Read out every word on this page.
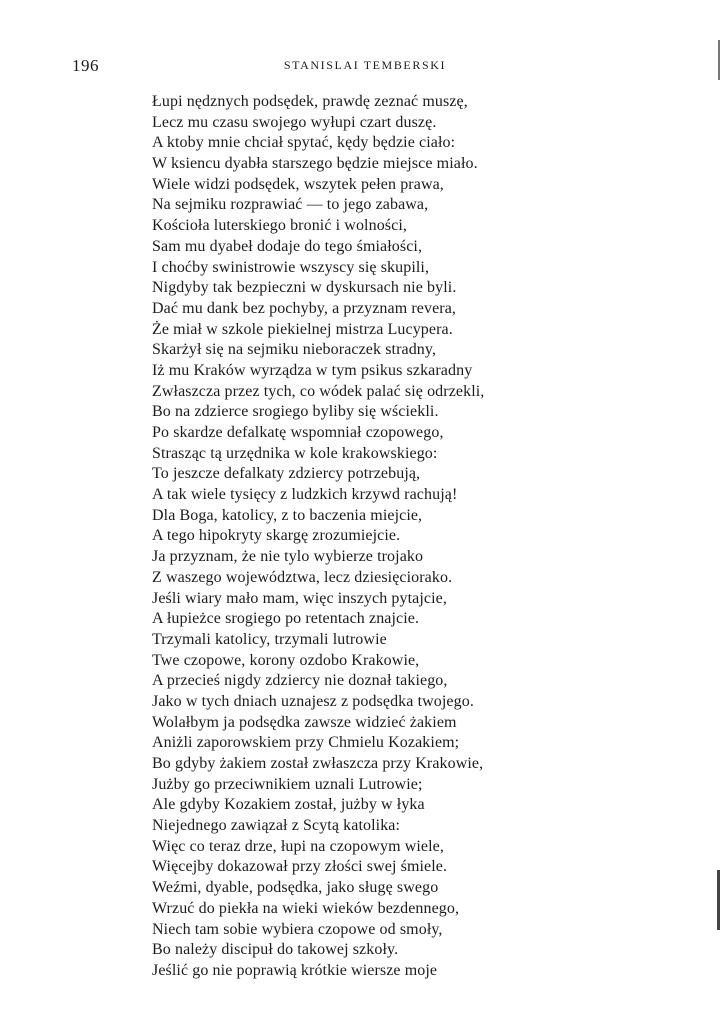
196	STANISLAI TEMBERSKI
Łupi nędznych podsędek, prawdę zeznać muszę,
Lecz mu czasu swojego wyłupi czart duszę.
A ktoby mnie chciał spytać, kędy będzie ciało:
W ksiencu dyabła starszego będzie miejsce miało.
Wiele widzi podsędek, wszytek pełen prawa,
Na sejmiku rozprawiać — to jego zabawa,
Kościoła luterskiego bronić i wolności,
Sam mu dyabeł dodaje do tego śmiałości,
I choćby swinistrowie wszyscy się skupili,
Nigdyby tak bezpieczni w dyskursach nie byli.
Dać mu dank bez pochyby, a przyznam revera,
Że miał w szkole piekielnej mistrza Lucypera.
Skarżył się na sejmiku nieboraczek stradny,
Iż mu Kraków wyrządza w tym psikus szkaradny
Zwłaszcza przez tych, co wódek palać się odrzekli,
Bo na zdzierce srogiego byliby się wściekli.
Po skardze defalkatę wspomniał czopowego,
Strasząc tą urzędnika w kole krakowskiego:
To jeszcze defalkaty zdziercy potrzebują,
A tak wiele tysięcy z ludzkich krzywd rachują!
Dla Boga, katolicy, z to baczenia miejcie,
A tego hipokryty skargę zrozumiejcie.
Ja przyznam, że nie tylo wybierze trojako
Z waszego województwa, lecz dziesięciorako.
Jeśli wiary mało mam, więc inszych pytajcie,
A łupieżce srogiego po retentach znajcie.
Trzymali katolicy, trzymali lutrowie
Twe czopowe, korony ozdobo Krakowie,
A przecieś nigdy zdziercy nie doznał takiego,
Jako w tych dniach uznajesz z podsędka twojego.
Wolałbym ja podsędka zawsze widzieć żakiem
Aniżli zaporowskiem przy Chmielu Kozakiem;
Bo gdyby żakiem został zwłaszcza przy Krakowie,
Jużby go przeciwnikiem uznali Lutrowie;
Ale gdyby Kozakiem został, jużby w łyka
Niejednego zawiązał z Scytą katolika:
Więc co teraz drze, łupi na czopowym wiele,
Więcejby dokazował przy złości swej śmiele.
Weźmi, dyable, podsędka, jako sługę swego
Wrzuć do piekła na wieki wieków bezdennego,
Niech tam sobie wybiera czopowe od smoły,
Bo należy discipuł do takowej szkoły.
Jeślić go nie poprawią krótkie wiersze moje
